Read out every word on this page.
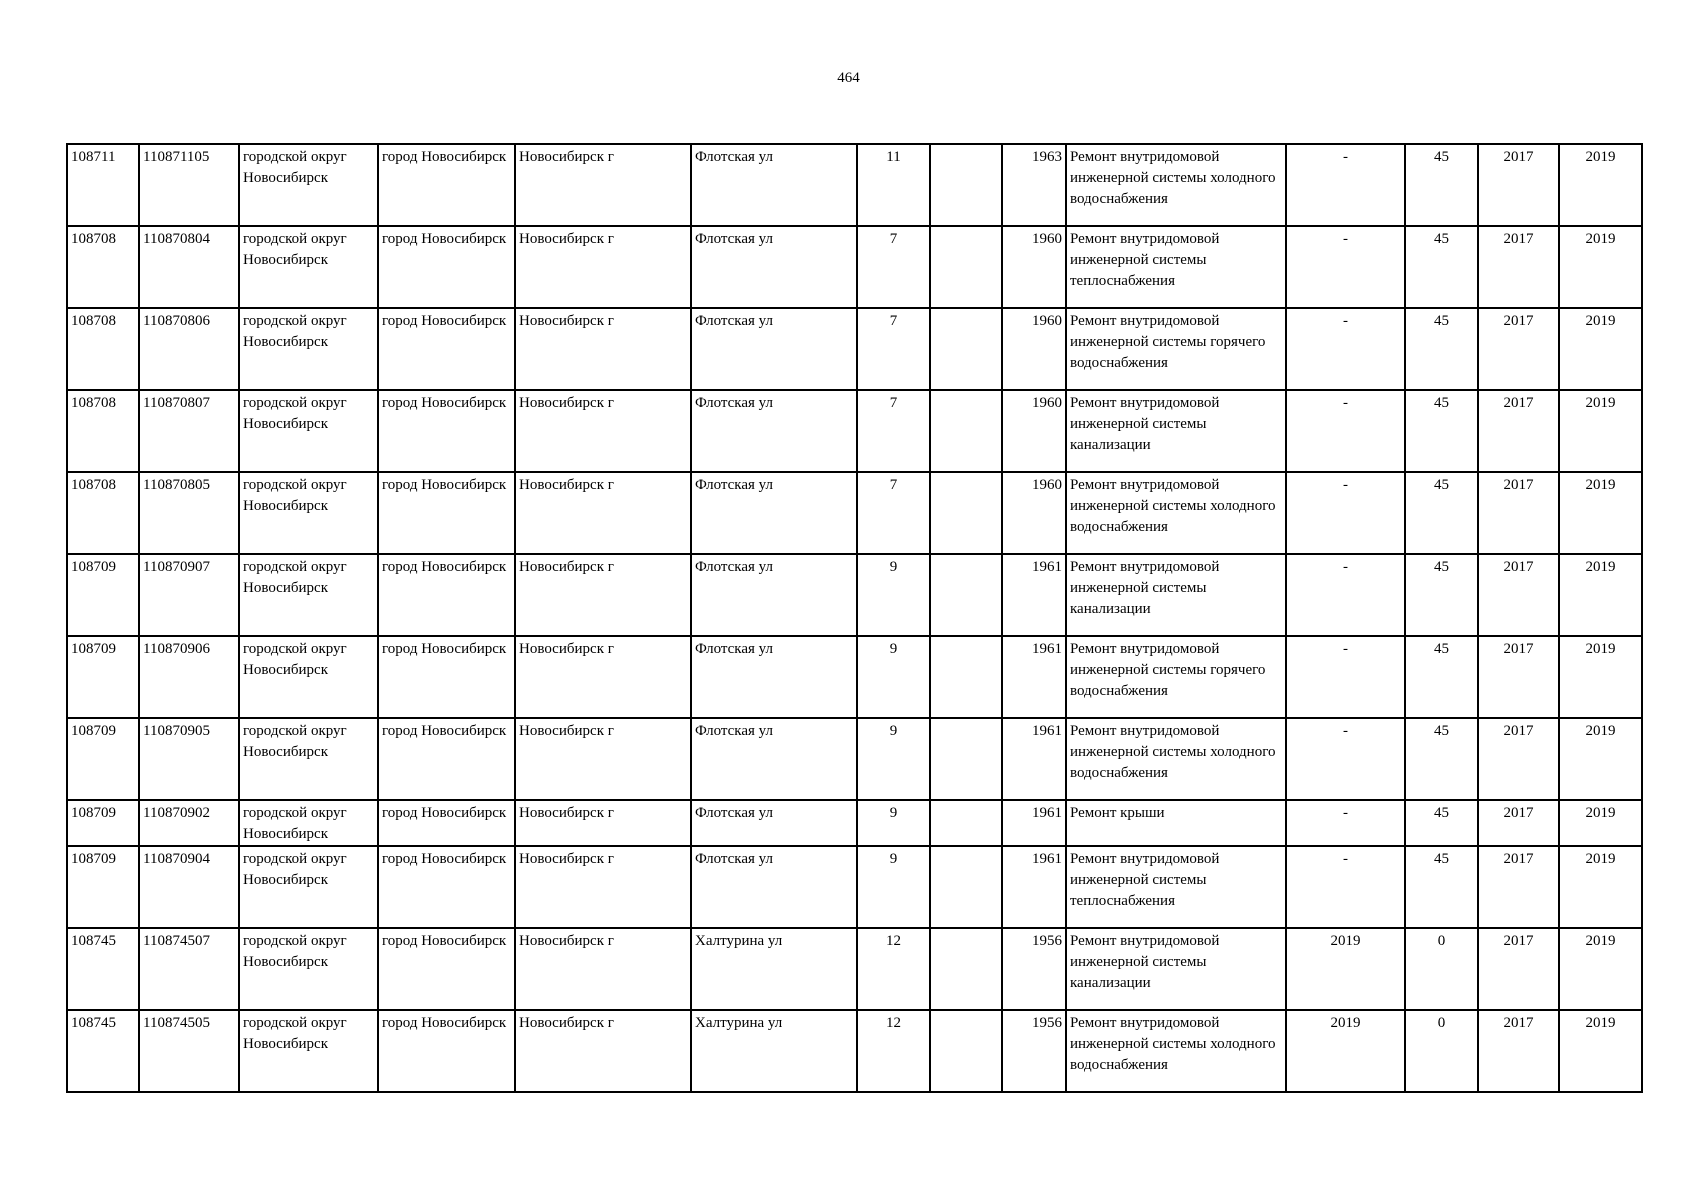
464
108711	110871105	городской округ Новосибирск	город Новосибирск	Новосибирск г	Флотская ул	11		1963	Ремонт внутридомовой инженерной системы холодного водоснабжения	-	45	2017	2019
108708	110870804	городской округ Новосибирск	город Новосибирск	Новосибирск г	Флотская ул	7		1960	Ремонт внутридомовой инженерной системы теплоснабжения	-	45	2017	2019
108708	110870806	городской округ Новосибирск	город Новосибирск	Новосибирск г	Флотская ул	7		1960	Ремонт внутридомовой инженерной системы горячего водоснабжения	-	45	2017	2019
108708	110870807	городской округ Новосибирск	город Новосибирск	Новосибирск г	Флотская ул	7		1960	Ремонт внутридомовой инженерной системы канализации	-	45	2017	2019
108708	110870805	городской округ Новосибирск	город Новосибирск	Новосибирск г	Флотская ул	7		1960	Ремонт внутридомовой инженерной системы холодного водоснабжения	-	45	2017	2019
108709	110870907	городской округ Новосибирск	город Новосибирск	Новосибирск г	Флотская ул	9		1961	Ремонт внутридомовой инженерной системы канализации	-	45	2017	2019
108709	110870906	городской округ Новосибирск	город Новосибирск	Новосибирск г	Флотская ул	9		1961	Ремонт внутридомовой инженерной системы горячего водоснабжения	-	45	2017	2019
108709	110870905	городской округ Новосибирск	город Новосибирск	Новосибирск г	Флотская ул	9		1961	Ремонт внутридомовой инженерной системы холодного водоснабжения	-	45	2017	2019
108709	110870902	городской округ Новосибирск	город Новосибирск	Новосибирск г	Флотская ул	9		1961	Ремонт крыши	-	45	2017	2019
108709	110870904	городской округ Новосибирск	город Новосибирск	Новосибирск г	Флотская ул	9		1961	Ремонт внутридомовой инженерной системы теплоснабжения	-	45	2017	2019
108745	110874507	городской округ Новосибирск	город Новосибирск	Новосибирск г	Халтурина ул	12		1956	Ремонт внутридомовой инженерной системы канализации	2019	0	2017	2019
108745	110874505	городской округ Новосибирск	город Новосибирск	Новосибирск г	Халтурина ул	12		1956	Ремонт внутридомовой инженерной системы холодного водоснабжения	2019	0	2017	2019
